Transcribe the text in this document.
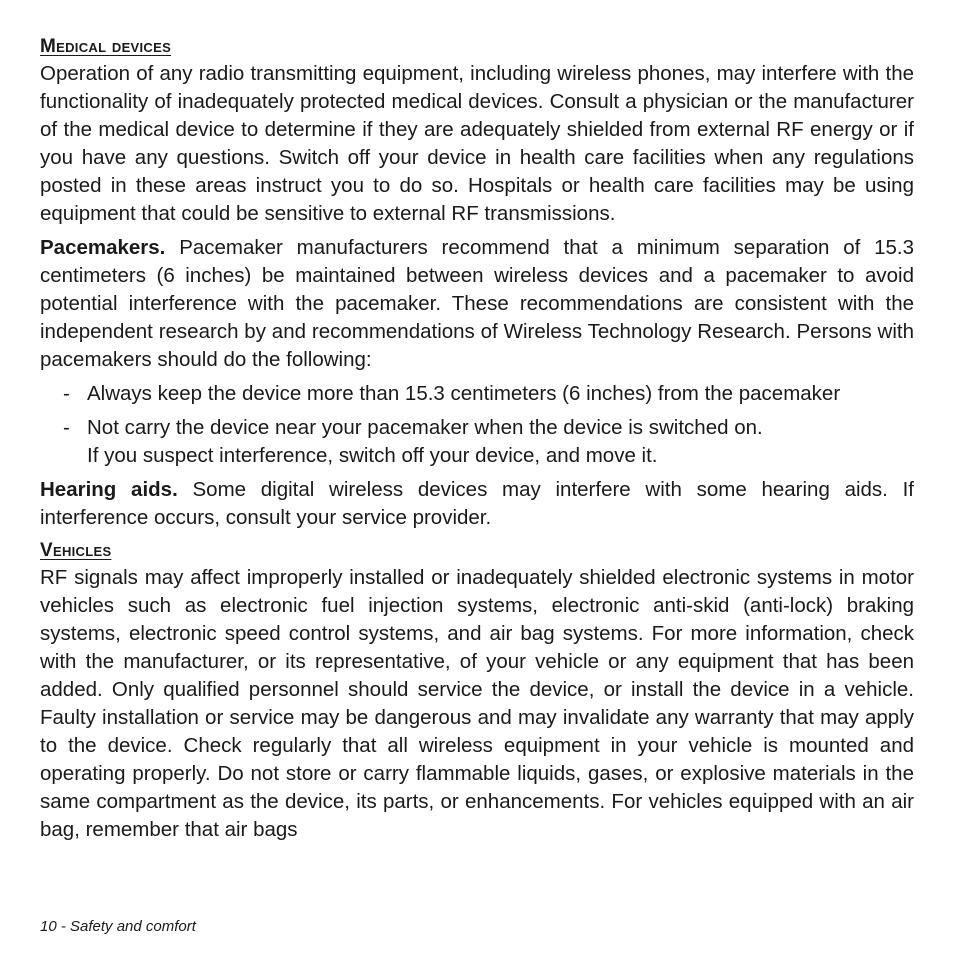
Medical devices

Operation of any radio transmitting equipment, including wireless phones, may interfere with the functionality of inadequately protected medical devices. Consult a physician or the manufacturer of the medical device to determine if they are adequately shielded from external RF energy or if you have any questions. Switch off your device in health care facilities when any regulations posted in these areas instruct you to do so. Hospitals or health care facilities may be using equipment that could be sensitive to external RF transmissions.

Pacemakers. Pacemaker manufacturers recommend that a minimum separation of 15.3 centimeters (6 inches) be maintained between wireless devices and a pacemaker to avoid potential interference with the pacemaker. These recommendations are consistent with the independent research by and recommendations of Wireless Technology Research. Persons with pacemakers should do the following:

- Always keep the device more than 15.3 centimeters (6 inches) from the pacemaker
- Not carry the device near your pacemaker when the device is switched on.
If you suspect interference, switch off your device, and move it.

Hearing aids. Some digital wireless devices may interfere with some hearing aids. If interference occurs, consult your service provider.

Vehicles

RF signals may affect improperly installed or inadequately shielded electronic systems in motor vehicles such as electronic fuel injection systems, electronic anti-skid (anti-lock) braking systems, electronic speed control systems, and air bag systems. For more information, check with the manufacturer, or its representative, of your vehicle or any equipment that has been added. Only qualified personnel should service the device, or install the device in a vehicle. Faulty installation or service may be dangerous and may invalidate any warranty that may apply to the device. Check regularly that all wireless equipment in your vehicle is mounted and operating properly. Do not store or carry flammable liquids, gases, or explosive materials in the same compartment as the device, its parts, or enhancements. For vehicles equipped with an air bag, remember that air bags

10 - Safety and comfort
